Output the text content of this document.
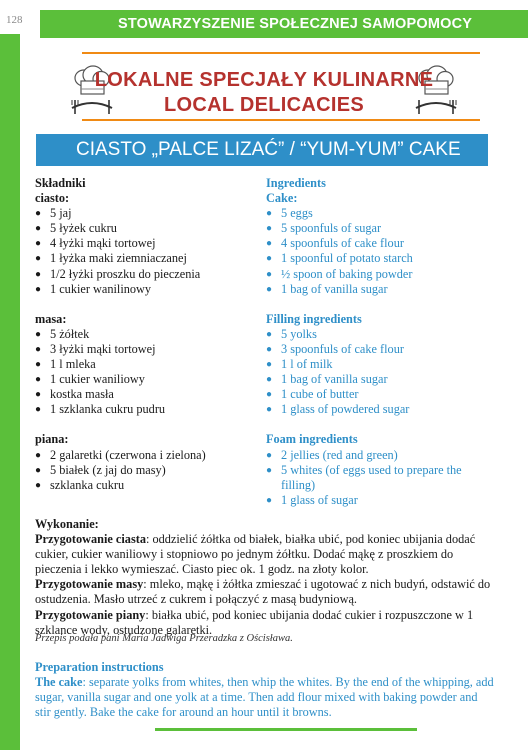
128	STOWARZYSZENIE SPOŁECZNEJ SAMOPOMOCY
LOKALNE SPECJAŁY KULINARNE
LOCAL DELICACIES
CIASTO „PALCE LIZAĆ” / “YUM-YUM” CAKE
Składniki
ciasto:
● 5 jaj
● 5 łyżek cukru
● 4 łyżki mąki tortowej
● 1 łyżka maki ziemniaczanej
● 1/2 łyżki proszku do pieczenia
● 1 cukier wanilinowy
masa:
● 5 żółtek
● 3 łyżki mąki tortowej
● 1 l mleka
● 1 cukier waniliowy
● kostka masła
● 1 szklanka cukru pudru
piana:
● 2 galaretki (czerwona i zielona)
● 5 białek (z jaj do masy)
● szklanka cukru
Ingredients
Cake:
● 5 eggs
● 5 spoonfuls of sugar
● 4 spoonfuls of cake flour
● 1 spoonful of potato starch
● ½ spoon of baking powder
● 1 bag of vanilla sugar
Filling ingredients
● 5 yolks
● 3 spoonfuls of cake flour
● 1 l of milk
● 1 bag of vanilla sugar
● 1 cube of butter
● 1 glass of powdered sugar
Foam ingredients
● 2 jellies (red and green)
● 5 whites (of eggs used to prepare the filling)
● 1 glass of sugar
Wykonanie:
Przygotowanie ciasta: oddzielić żółtka od białek, białka ubić, pod koniec ubijania dodać cukier, cukier waniliowy i stopniowo po jednym żółtku. Dodać mąkę z proszkiem do pieczenia i lekko wymieszać. Ciasto piec ok. 1 godz. na złoty kolor.
Przygotowanie masy: mleko, mąkę i żółtka zmieszać i ugotować z nich budyń, odstawić do ostudzenia. Masło utrzeć z cukrem i połączyć z masą budyniową.
Przygotowanie piany: białka ubić, pod koniec ubijania dodać cukier i rozpuszczone w 1 szklance wody, ostudzone galaretki.
Przepis podała pani Maria Jadwiga Przeradzka z Ościsława.
Preparation instructions
The cake: separate yolks from whites, then whip the whites. By the end of the whipping, add sugar, vanilla sugar and one yolk at a time. Then add flour mixed with baking powder and stir gently. Bake the cake for around an hour until it browns.
